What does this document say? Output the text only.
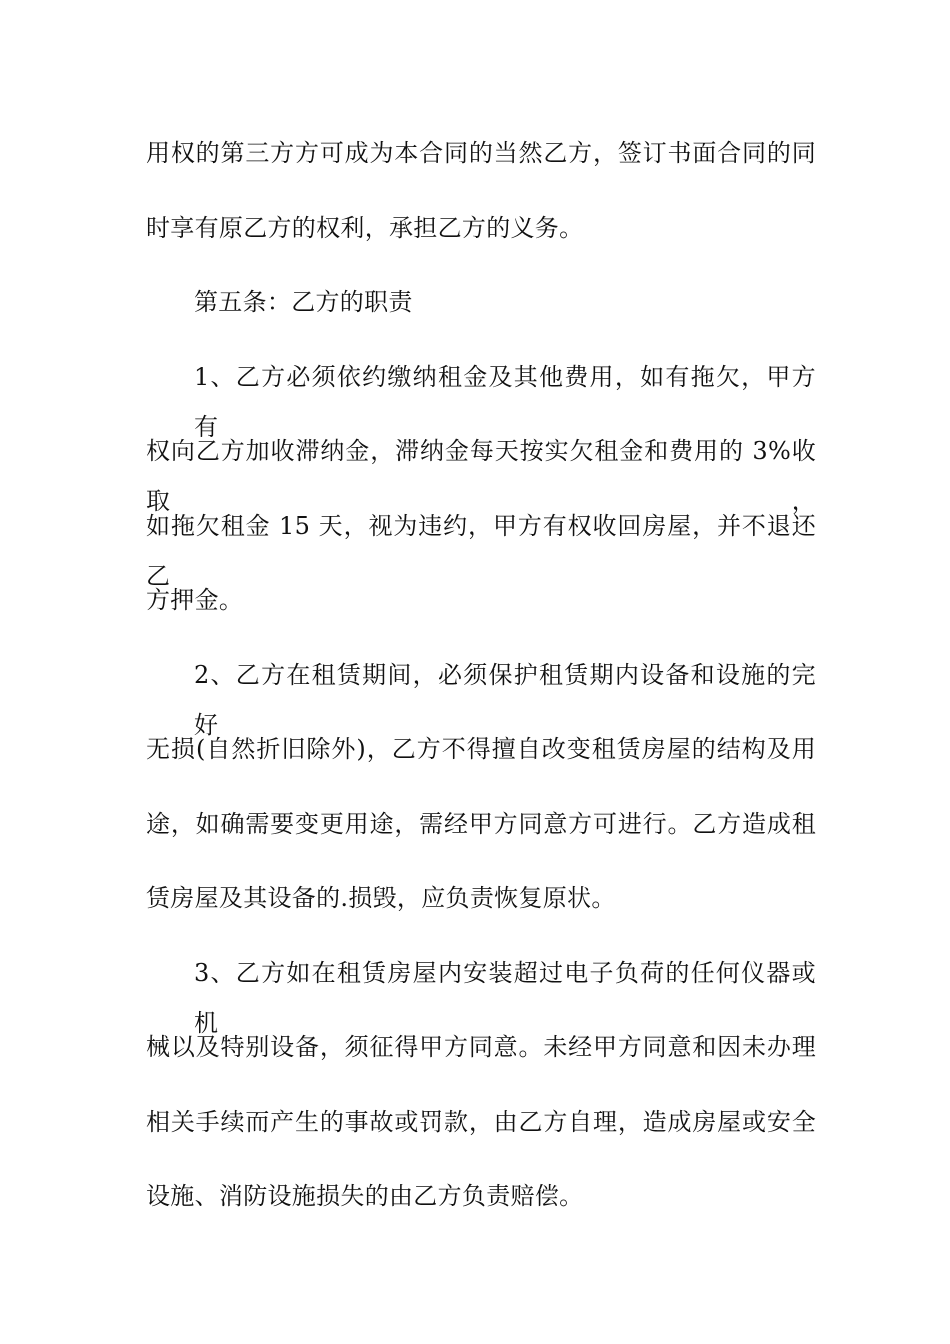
用权的第三方方可成为本合同的当然乙方，签订书面合同的同
时享有原乙方的权利，承担乙方的义务。
第五条：乙方的职责
1、乙方必须依约缴纳租金及其他费用，如有拖欠，甲方有
权向乙方加收滞纳金，滞纳金每天按实欠租金和费用的 3%收取，
如拖欠租金 15 天，视为违约，甲方有权收回房屋，并不退还乙
方押金。
2、乙方在租赁期间，必须保护租赁期内设备和设施的完好
无损(自然折旧除外)，乙方不得擅自改变租赁房屋的结构及用
途，如确需要变更用途，需经甲方同意方可进行。乙方造成租
赁房屋及其设备的.损毁，应负责恢复原状。
3、乙方如在租赁房屋内安装超过电子负荷的任何仪器或机
械以及特别设备，须征得甲方同意。未经甲方同意和因未办理
相关手续而产生的事故或罚款，由乙方自理，造成房屋或安全
设施、消防设施损失的由乙方负责赔偿。
